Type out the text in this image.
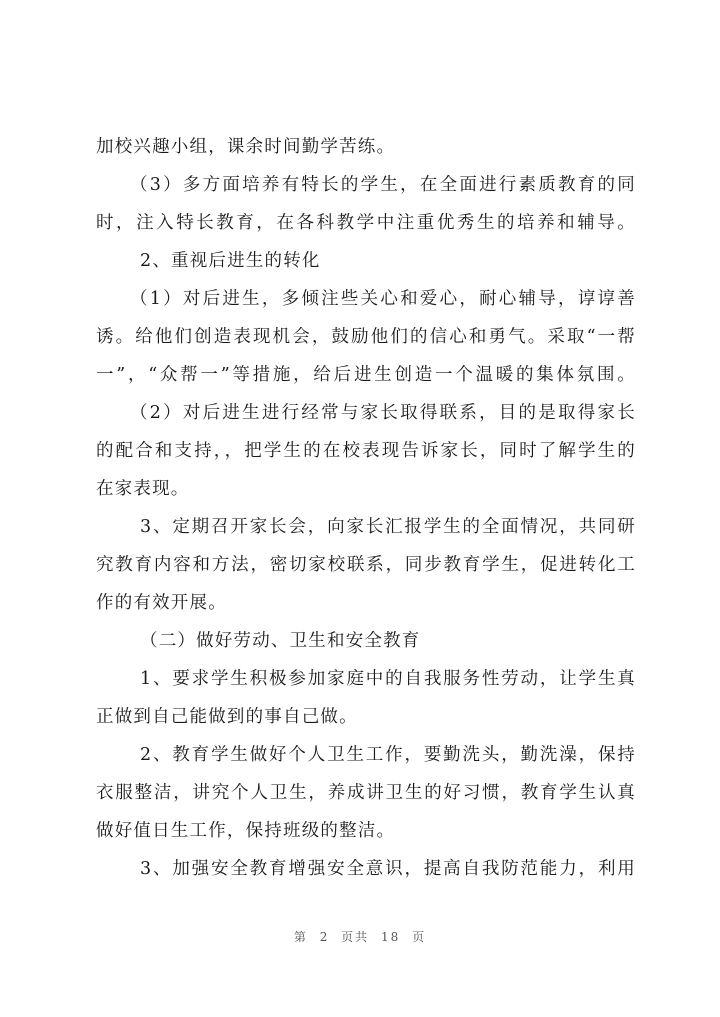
加校兴趣小组，课余时间勤学苦练。
（3）多方面培养有特长的学生，在全面进行素质教育的同
时，注入特长教育，在各科教学中注重优秀生的培养和辅导。
2、重视后进生的转化
（1）对后进生，多倾注些关心和爱心，耐心辅导，谆谆善
诱。给他们创造表现机会，鼓励他们的信心和勇气。采取“一帮
一”，“众帮一”等措施，给后进生创造一个温暖的集体氛围。
（2）对后进生进行经常与家长取得联系，目的是取得家长
的配合和支持，，把学生的在校表现告诉家长，同时了解学生的
在家表现。
3、定期召开家长会，向家长汇报学生的全面情况，共同研
究教育内容和方法，密切家校联系，同步教育学生，促进转化工
作的有效开展。
（二）做好劳动、卫生和安全教育
1、要求学生积极参加家庭中的自我服务性劳动，让学生真
正做到自己能做到的事自己做。
2、教育学生做好个人卫生工作，要勤洗头，勤洗澡，保持
衣服整洁，讲究个人卫生，养成讲卫生的好习惯，教育学生认真
做好值日生工作，保持班级的整洁。
3、加强安全教育增强安全意识，提高自我防范能力，利用
第 2 页共 18 页
